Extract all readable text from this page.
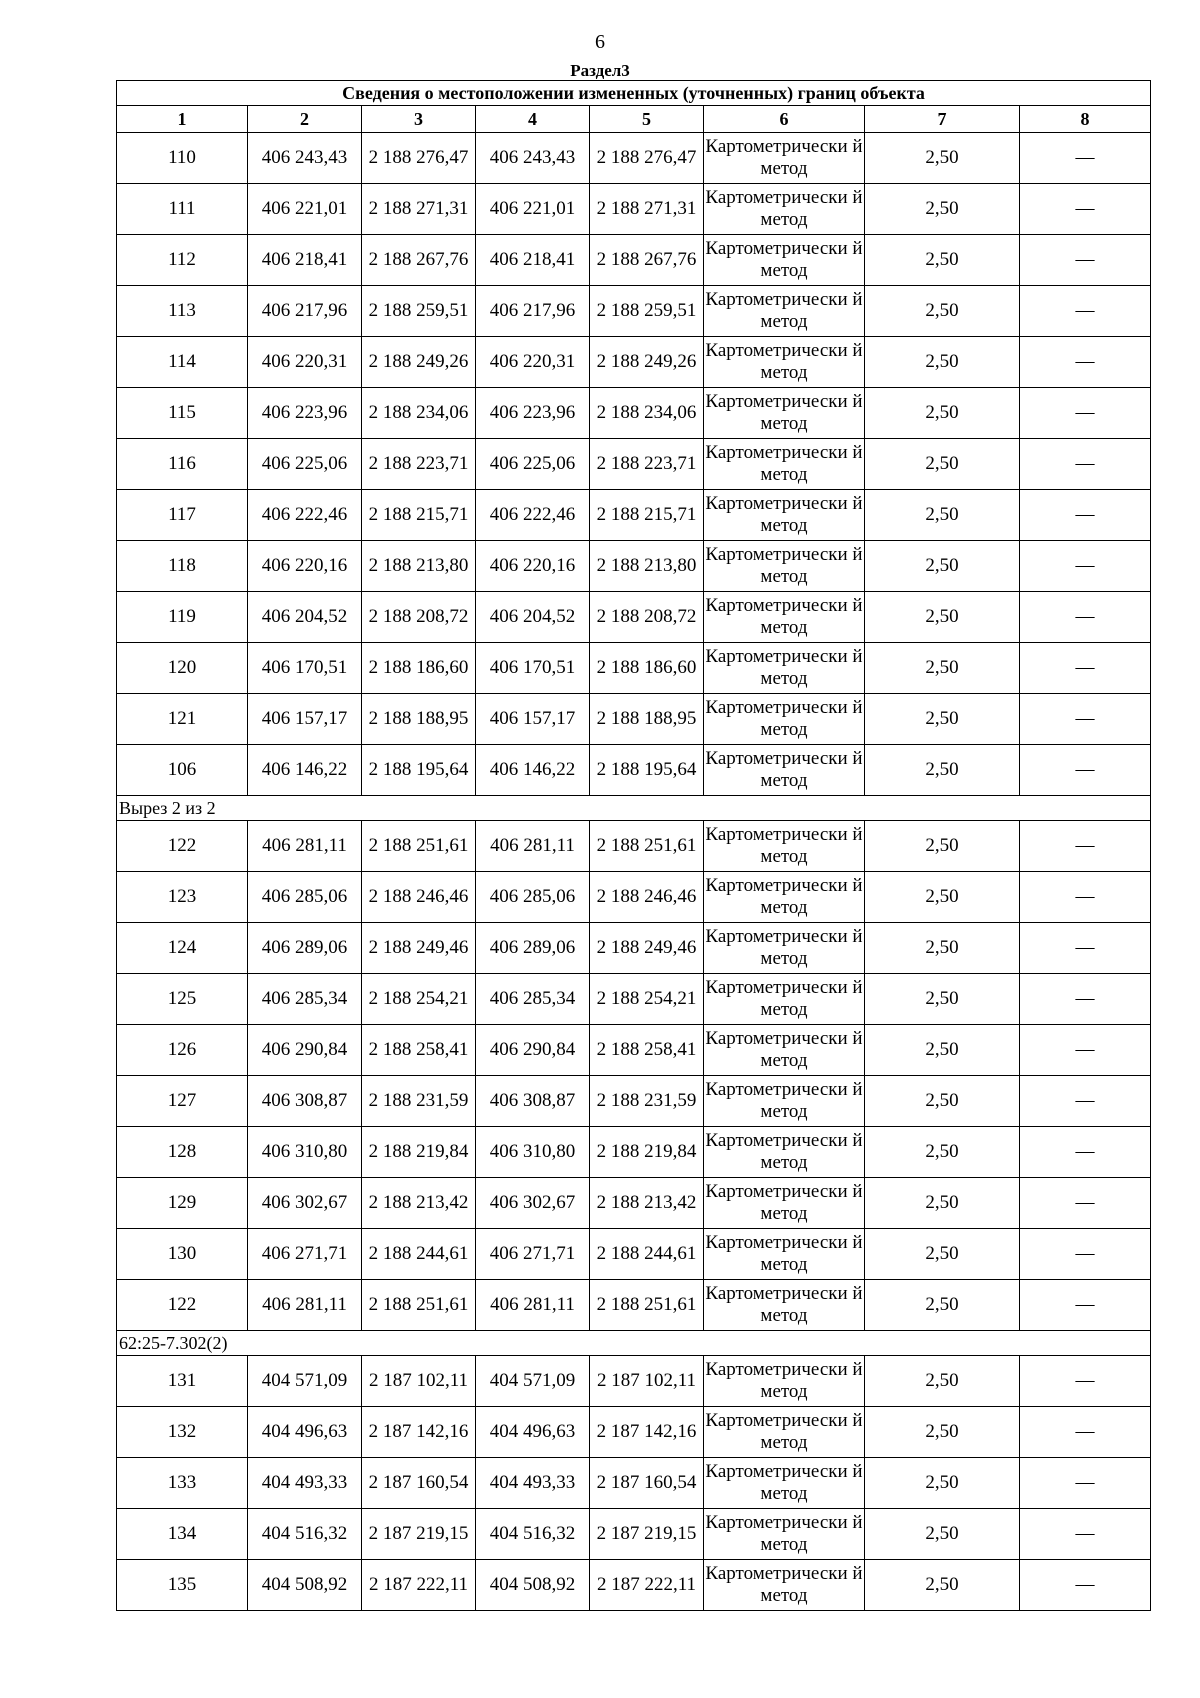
6
Раздел3
Сведения о местоположении измененных (уточненных) границ объекта							
1	2	3	4	5	6	7	8
110	406 243,43	2 188 276,47	406 243,43	2 188 276,47	Картометрически й метод	2,50	—
111	406 221,01	2 188 271,31	406 221,01	2 188 271,31	Картометрически й метод	2,50	—
112	406 218,41	2 188 267,76	406 218,41	2 188 267,76	Картометрически й метод	2,50	—
113	406 217,96	2 188 259,51	406 217,96	2 188 259,51	Картометрически й метод	2,50	—
114	406 220,31	2 188 249,26	406 220,31	2 188 249,26	Картометрически й метод	2,50	—
115	406 223,96	2 188 234,06	406 223,96	2 188 234,06	Картометрически й метод	2,50	—
116	406 225,06	2 188 223,71	406 225,06	2 188 223,71	Картометрически й метод	2,50	—
117	406 222,46	2 188 215,71	406 222,46	2 188 215,71	Картометрически й метод	2,50	—
118	406 220,16	2 188 213,80	406 220,16	2 188 213,80	Картометрически й метод	2,50	—
119	406 204,52	2 188 208,72	406 204,52	2 188 208,72	Картометрически й метод	2,50	—
120	406 170,51	2 188 186,60	406 170,51	2 188 186,60	Картометрически й метод	2,50	—
121	406 157,17	2 188 188,95	406 157,17	2 188 188,95	Картометрически й метод	2,50	—
106	406 146,22	2 188 195,64	406 146,22	2 188 195,64	Картометрически й метод	2,50	—
Вырез 2 из 2							
122	406 281,11	2 188 251,61	406 281,11	2 188 251,61	Картометрически й метод	2,50	—
123	406 285,06	2 188 246,46	406 285,06	2 188 246,46	Картометрически й метод	2,50	—
124	406 289,06	2 188 249,46	406 289,06	2 188 249,46	Картометрически й метод	2,50	—
125	406 285,34	2 188 254,21	406 285,34	2 188 254,21	Картометрически й метод	2,50	—
126	406 290,84	2 188 258,41	406 290,84	2 188 258,41	Картометрически й метод	2,50	—
127	406 308,87	2 188 231,59	406 308,87	2 188 231,59	Картометрически й метод	2,50	—
128	406 310,80	2 188 219,84	406 310,80	2 188 219,84	Картометрически й метод	2,50	—
129	406 302,67	2 188 213,42	406 302,67	2 188 213,42	Картометрически й метод	2,50	—
130	406 271,71	2 188 244,61	406 271,71	2 188 244,61	Картометрически й метод	2,50	—
122	406 281,11	2 188 251,61	406 281,11	2 188 251,61	Картометрически й метод	2,50	—
62:25-7.302(2)							
131	404 571,09	2 187 102,11	404 571,09	2 187 102,11	Картометрически й метод	2,50	—
132	404 496,63	2 187 142,16	404 496,63	2 187 142,16	Картометрически й метод	2,50	—
133	404 493,33	2 187 160,54	404 493,33	2 187 160,54	Картометрически й метод	2,50	—
134	404 516,32	2 187 219,15	404 516,32	2 187 219,15	Картометрически й метод	2,50	—
135	404 508,92	2 187 222,11	404 508,92	2 187 222,11	Картометрически й метод	2,50	—
